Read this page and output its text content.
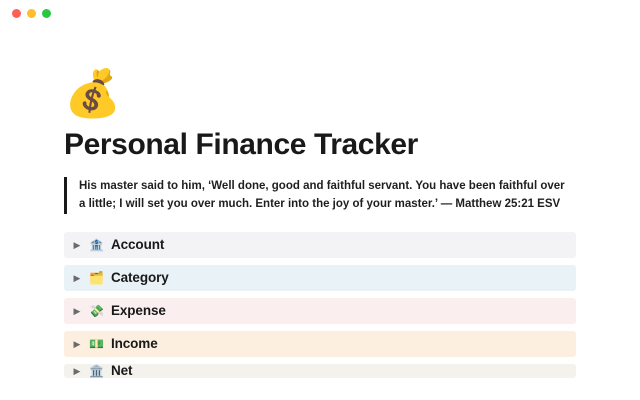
💰
Personal Finance Tracker
His master said to him, ‘Well done, good and faithful servant. You have been faithful over a little; I will set you over much. Enter into the joy of your master.’ — Matthew 25:21 ESV
▶ 🏦 Account
▶ 🗂️ Category
▶ 💸 Expense
▶ 💵 Income
▶ 🏛️ Net
